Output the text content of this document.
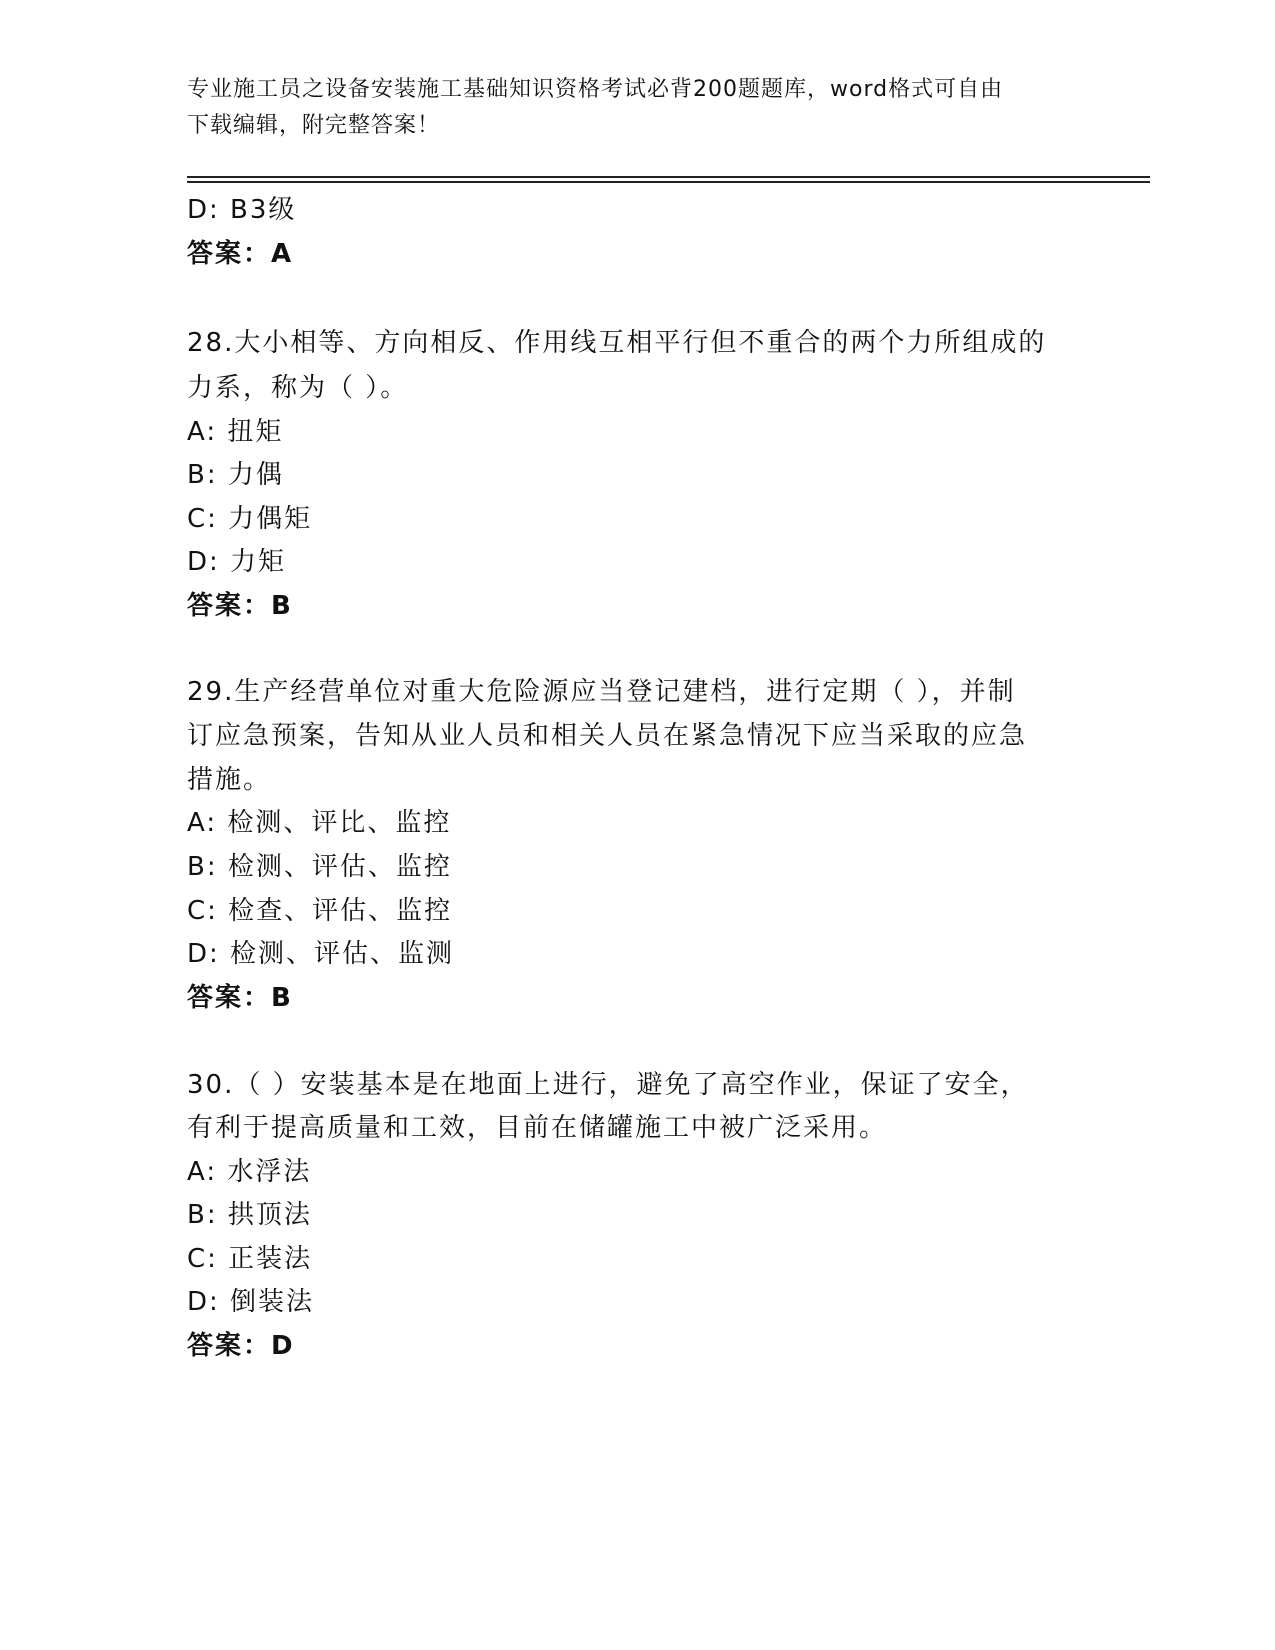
专业施工员之设备安装施工基础知识资格考试必背200题题库，word格式可自由
下载编辑，附完整答案！
D: B3级
答案：A
28.大小相等、方向相反、作用线互相平行但不重合的两个力所组成的
力系，称为（ ）。
A: 扭矩
B: 力偶
C: 力偶矩
D: 力矩
答案：B
29.生产经营单位对重大危险源应当登记建档，进行定期（ ），并制
订应急预案，告知从业人员和相关人员在紧急情况下应当采取的应急
措施。
A: 检测、评比、监控
B: 检测、评估、监控
C: 检查、评估、监控
D: 检测、评估、监测
答案：B
30.（ ）安装基本是在地面上进行，避免了高空作业，保证了安全，
有利于提高质量和工效，目前在储罐施工中被广泛采用。
A: 水浮法
B: 拱顶法
C: 正装法
D: 倒装法
答案：D
